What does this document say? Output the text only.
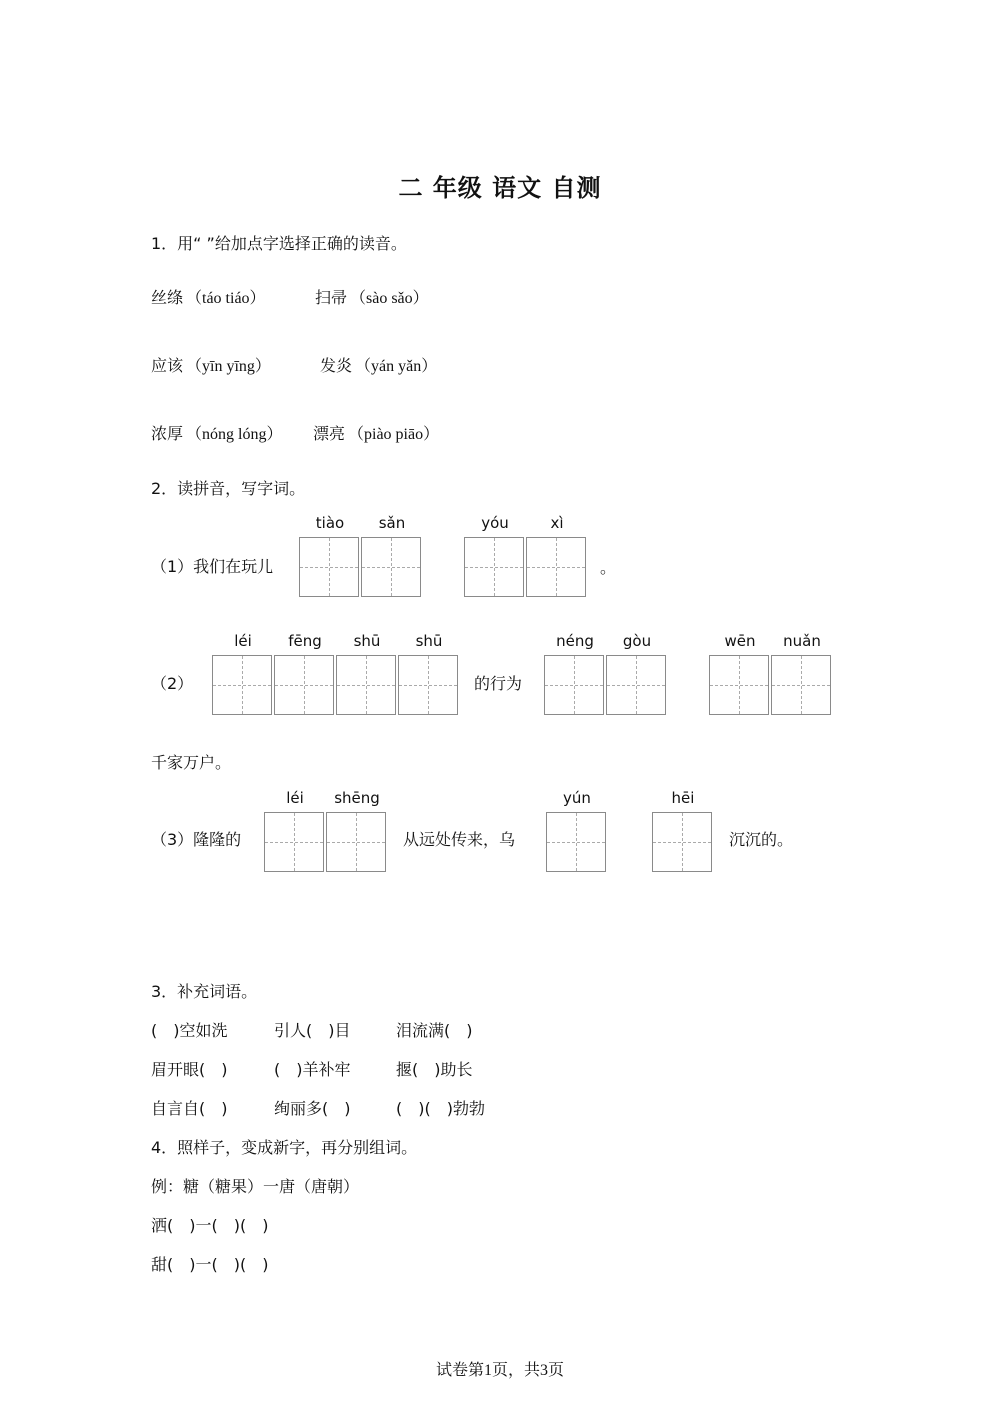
二 年级 语文 自测
1．用“ ”给加点字选择正确的读音。
丝绦 （táo tiáo）	扫帚 （sào sǎo）
应该 （yīn yīng）	发炎 （yán yǎn）
浓厚 （nóng lóng） 漂亮 （piào piāo）
2．读拼音，写字词。
（1）我们在玩儿
tiào	sǎn	yóu	xì
。
（2）
léi	fēng	shū	shū
的行为
néng	gòu	wēn	nuǎn
千家万户。
（3）隆隆的
léi	shēng
从远处传来，乌
yún	hēi
沉沉的。
3．补充词语。
(　)空如洗	引人(　)目	泪流满(　)
眉开眼(　)	(　)羊补牢	揠(　)助长
自言自(　)	绚丽多(　)	(　)(　)勃勃
4．照样子，变成新字，再分别组词。
例：糖（糖果）一唐（唐朝）
洒(　)一(　)(　)
甜(　)一(　)(　)
试卷第1页，共3页
